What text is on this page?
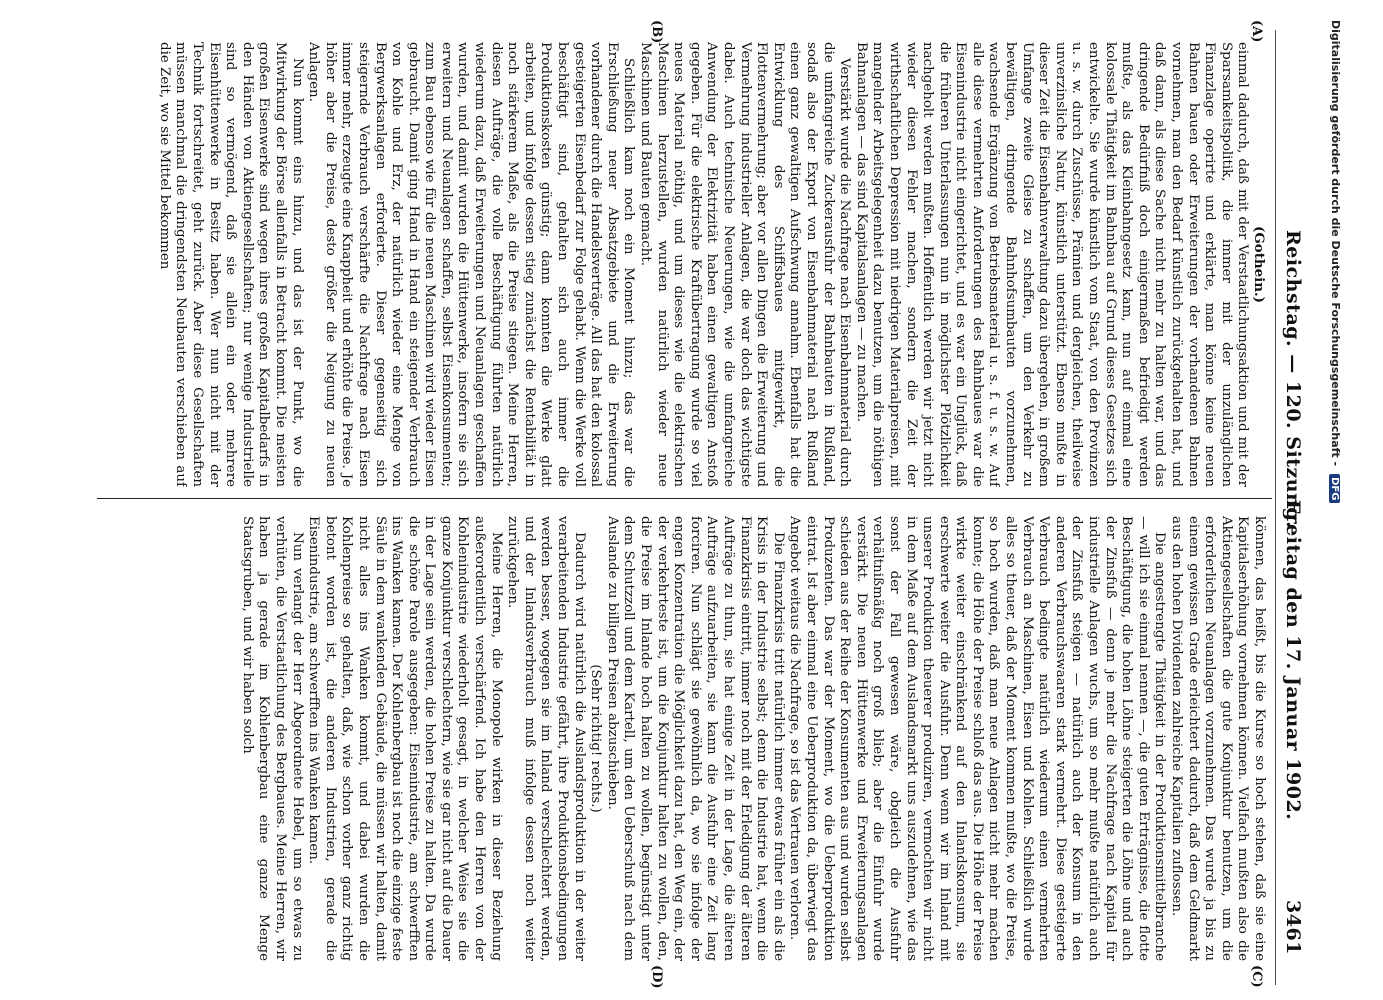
Reichstag. — 120. Sitzung.
Freitag den 17. Januar 1902.
3461
(A)
(B)
(C)
(D)

(Gothein.)

einmal dadurch, daß mit der Verstaatlichungsaktion und mit der Sparsamkeitspolitik, die immer mit der unzulänglichen Finanzlage operirte und erklärte, man könne keine neuen Bahnen bauen oder Erweiterungen der vorhandenen Bahnen vornehmen, man den Bedarf künstlich zurückgehalten hat, und daß dann, als diese Sache nicht mehr zu halten war, und das dringende Bedürfniß doch einigermaßen befriedigt werden mußte, als das Kleinbahngesetz kam, nun auf einmal eine kolossale Thätigkeit im Bahnbau auf Grund dieses Gesetzes sich entwickelte. Sie wurde künstlich vom Staat, von den Provinzen u. s. w. durch Zuschüsse, Prämien und dergleichen, theilweise unverzinsliche Natur, künstlich unterstützt. Ebenso mußte in dieser Zeit die Eisenbahnverwaltung dazu übergehen, in großem Umfange zweite Gleise zu schaffen, um den Verkehr zu bewältigen, dringende Bahnhofsumbauten vorzunehmen, wachsende Ergänzung von Betriebsmaterial u. s. f. u. s. w. Auf alle diese vermehrten Anforderungen des Bahnbaues war die Eisenindustrie nicht eingerichtet, und es war ein Unglück, daß die früheren Unterlassungen nun in möglichster Plötzlichkeit nachgeholt werden mußten. Hoffentlich werden wir jetzt nicht wieder diesen Fehler machen, sondern die Zeit der wirthschaftlichen Depression mit niedrigen Materialpreisen, mit mangelnder Arbeitsgelegenheit dazu benutzen, um die nöthigen Bahnanlagen — das sind Kapitalsanlagen — zu machen.

Verstärkt wurde die Nachfrage nach Eisenbahnmaterial durch die umfangreiche Zuckerausfuhr der Bahnbauten in Rußland, sodaß also der Export von Eisenbahnmaterial nach Rußland einen ganz gewaltigen Aufschwung annahm. Ebenfalls hat die Entwicklung des Schiffsbaues mitgewirkt, die Flottenvermehrung; aber vor allen Dingen die Erweiterung und Vermehrung industrieller Anlagen, die war doch das wichtigste dabei. Auch technische Neuerungen, wie die umfangreiche Anwendung der Elektrizität haben einen gewaltigen Anstoß gegeben. Für die elektrische Kraftübertragung wurde so viel neues Material nöthig, und um dieses wie die elektrischen Maschinen herzustellen, wurden natürlich wieder neue Maschinen und Bauten gemacht.

Schließlich kam noch ein Moment hinzu; das war die Erschließung neuer Absatzgebiete und die Erweiterung vorhandener durch die Handelsverträge. All das hat den kolossal gesteigerten Eisenbedarf zur Folge gehabt. Wenn die Werke voll beschäftigt sind, gehalten sich auch immer die Produktionskosten günstig; dann konnten die Werke glatt arbeiten, und infolge dessen stieg zunächst die Rentabilität in noch stärkerem Maße, als die Preise stiegen. Meine Herren, diesen Aufträge, die volle Beschäftigung führten natürlich wiederum dazu, daß Erweiterungen und Neuanlagen geschaffen wurden, und damit wurden die Hüttenwerke, insofern sie sich erweitern und Neuanlagen schaffen, selbst Eisenkonsumenten; zum Bau ebenso wie für die neuen Maschinen wird wieder Eisen gebraucht. Damit ging Hand in Hand ein steigender Verbrauch von Kohle und Erz, der natürlich wieder eine Menge von Bergwerksanlagen erforderte. Dieser gegenseitig sich steigernde Verbrauch verschärfte die Nachfrage nach Eisen immer mehr, erzeugte eine Knappheit und erhöhte die Preise. Je höher aber die Preise, desto größer die Neigung zu neuen Anlagen.

Nun kommt eins hinzu, und das ist der Punkt, wo die Mitwirkung der Börse allenfalls in Betracht kommt. Die meisten großen Eisenwerke sind wegen ihres großen Kapitalbedarfs in den Händen von Aktiengesellschaften; nur wenige Industrielle sind so vermögend, daß sie allein ein oder mehrere Eisenhüttenwerke in Besitz haben. Wer nun nicht mit der Technik fortschreitet, geht zurück. Aber diese Gesellschaften müssen manchmal die dringendsten Neubauten verschieben auf die Zeit, wo sie Mittel bekommen

können, das heißt, bis die Kurse so hoch stehen, daß sie eine Kapitalserhöhung vornehmen können. Vielfach mußten also die Aktiengesellschaften die gute Konjunktur benutzen, um die erforderlichen Neuanlagen vorzunehmen. Das wurde ja bis zu einem gewissen Grade erleichtert dadurch, daß dem Geldmarkt aus den hohen Dividenden zahlreiche Kapitalien zuflossen.

Die angestrengte Thätigkeit in der Produktionsmittelbranche — will ich sie einmal nennen —, die guten Erträgnisse, die flotte Beschäftigung, die hohen Löhne steigerten die Löhne und auch der Zinsfuß — denn je mehr die Nachfrage nach Kapital für industrielle Anlagen wuchs, um so mehr mußte natürlich auch der Zinsfuß steigen — natürlich auch der Konsum in den anderen Verbrauchswaaren stark vermehrt. Diese gesteigerte Verbrauch bedingte natürlich wiederum einen vermehrten Verbrauch an Maschinen, Eisen und Kohlen. Schließlich wurde alles so theuer, daß der Moment kommen mußte, wo die Preise, so hoch wurden, daß man neue Anlagen nicht mehr machen konnte; die Höhe der Preise schloß das aus. Die Höhe der Preise wirkte weiter einschränkend auf den Inlandskonsum, sie erschwerte weiter die Ausfuhr. Denn wenn wir im Inland mit unserer Produktion theuerer produziren, vermochten wir nicht in dem Maße auf dem Auslandsmarkt uns auszudehnen, wie das sonst der Fall gewesen wäre, obgleich die Ausfuhr verhältnißmäßig noch groß blieb; aber die Einfuhr wurde verstärkt. Die neuen Hüttenwerke und Erweiterungsanlagen schieden aus der Reihe der Konsumenten aus und wurden selbst Produzenten. Das war der Moment, wo die Ueberproduktion eintrat. Ist aber einmal eine Ueberproduktion da, überwiegt das Angebot weitaus die Nachfrage, so ist das Vertrauen verloren.

Die Finanzkrisis tritt natürlich immer etwas früher ein als die Krisis in der Industrie selbst; denn die Industrie hat, wenn die Finanzkrisis eintritt, immer noch mit der Erledigung der älteren Aufträge zu thun, sie hat einige Zeit in der Lage, die älteren Aufträge aufzuarbeiten, sie kann die Ausfuhr eine Zeit lang forciren. Nun schlägt sie gewöhnlich da, wo sie infolge der engen Konzentration die Möglichkeit dazu hat, den Weg ein, der der verkehrteste ist, um die Konjunktur halten zu wollen, den, die Preise im Inlande hoch halten zu wollen, begünstigt unter dem Schutzzoll und dem Kartell, um den Ueberschuß nach dem Auslande zu billigen Preisen abzuschieben.

(Sehr richtig! rechts.)

Dadurch wird natürlich die Auslandsproduktion in der weiter verarbeitenden Industrie gefährt, ihre Produktionsbedingungen werden besser, wogegen sie im Inland verschlechtert werden, und der Inlandsverbrauch muß infolge dessen noch weiter zurückgehen.

Meine Herren, die Monopole wirken in dieser Beziehung außerordentlich verschärfend. Ich habe den Herren von der Kohlenindustrie wiederholt gesagt, in welcher Weise sie die ganze Konjunktur verschlechtern, wie sie gar nicht auf die Dauer in der Lage sein werden, die hohen Preise zu halten. Da wurde die schöne Parole ausgegeben: Eisenindustrie, am schwerfften ins Wanken kamen. Der Kohlenbergbau ist noch die einzige feste Säule in dem wankenden Gebäude, die müssen wir halten, damit nicht alles ins Wanken kommt, und dabei wurden die Kohlenpreise so gehalten, daß, wie schon vorher ganz richtig betont worden ist, die anderen Industrien, gerade die Eisenindustrie, am schwerfften ins Wanken kamen.

Nun verlangt der Herr Abgeordnete Hebel, um so etwas zu verhüten, die Verstaatlichung des Bergbaues. Meine Herren, wir haben ja gerade im Kohlenbergbau eine ganze Menge Staatsgruben, und wir haben solch

Digitalisierung gefördert durch die Deutsche Forschungsgemeinschaft -DFG
